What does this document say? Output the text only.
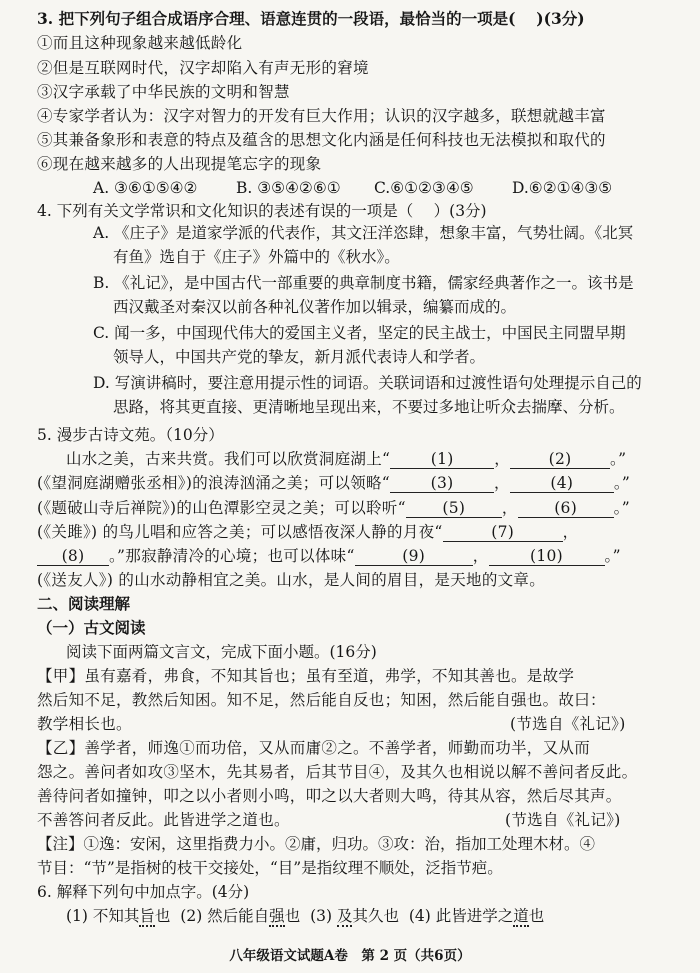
3. 把下列句子组合成语序合理、语意连贯的一段语，最恰当的一项是(　 )(3分)
①而且这种现象越来越低龄化
②但是互联网时代，汉字却陷入有声无形的窘境
③汉字承载了中华民族的文明和智慧
④专家学者认为：汉字对智力的开发有巨大作用；认识的汉字越多，联想就越丰富
⑤其兼备象形和表意的特点及蕴含的思想文化内涵是任何科技也无法模拟和取代的
⑥现在越来越多的人出现提笔忘字的现象
A. ③⑥①⑤④② B. ③⑤④②⑥① C.⑥①②③④⑤ D.⑥②①④③⑤
4. 下列有关文学常识和文化知识的表述有误的一项是（　 ）(3分)
A. 《庄子》是道家学派的代表作，其文汪洋恣肆，想象丰富，气势壮阔。《北冥
有鱼》选自于《庄子》外篇中的《秋水》。
B. 《礼记》，是中国古代一部重要的典章制度书籍，儒家经典著作之一。该书是
西汉戴圣对秦汉以前各种礼仪著作加以辑录，编纂而成的。
C. 闻一多，中国现代伟大的爱国主义者，坚定的民主战士，中国民主同盟早期
领导人，中国共产党的挚友，新月派代表诗人和学者。
D. 写演讲稿时，要注意用提示性的词语。关联词语和过渡性语句处理提示自己的
思路，将其更直接、更清晰地呈现出来，不要过多地让听众去揣摩、分析。
5. 漫步古诗文苑。（10分）
山水之美，古来共赏。我们可以欣赏洞庭湖上“	(1)	， (2) 。”
(《望洞庭湖赠张丞相》)的浪涛汹涌之美；可以领略“	(3)	，	(4)	。”
(《题破山寺后禅院》)的山色潭影空灵之美；可以聆听“ (5) ， (6) 。”
(《关雎》) 的鸟儿唱和应答之美；可以感悟夜深人静的月夜“	(7)	，
(8) 。”那寂静清冷的心境；也可以体味“	(9)	，	(10)	。”
(《送友人》) 的山水动静相宜之美。山水，是人间的眉目，是天地的文章。
二、阅读理解
（一）古文阅读
阅读下面两篇文言文，完成下面小题。(16分)
【甲】虽有嘉肴，弗食，不知其旨也；虽有至道，弗学，不知其善也。是故学
然后知不足，教然后知困。知不足，然后能自反也；知困，然后能自强也。故曰：
教学相长也。	(节选自《礼记》)
【乙】善学者，师逸①而功倍，又从而庸②之。不善学者，师勤而功半，又从而
怨之。善问者如攻③坚木，先其易者，后其节目④，及其久也相说以解不善问者反此。
善待问者如撞钟，叩之以小者则小鸣，叩之以大者则大鸣，待其从容，然后尽其声。
不善答问者反此。此皆进学之道也。	(节选自《礼记》)
【注】①逸：安闲，这里指费力小。②庸，归功。③攻：治，指加工处理木材。④
节目：“节”是指树的枝干交接处，“目”是指纹理不顺处，泛指节疤。
6. 解释下列句中加点字。(4分)
(1) 不知其旨也 (2) 然后能自强也 (3) 及其久也 (4) 此皆进学之道也
八年级语文试题A卷　第 2 页（共6页）
